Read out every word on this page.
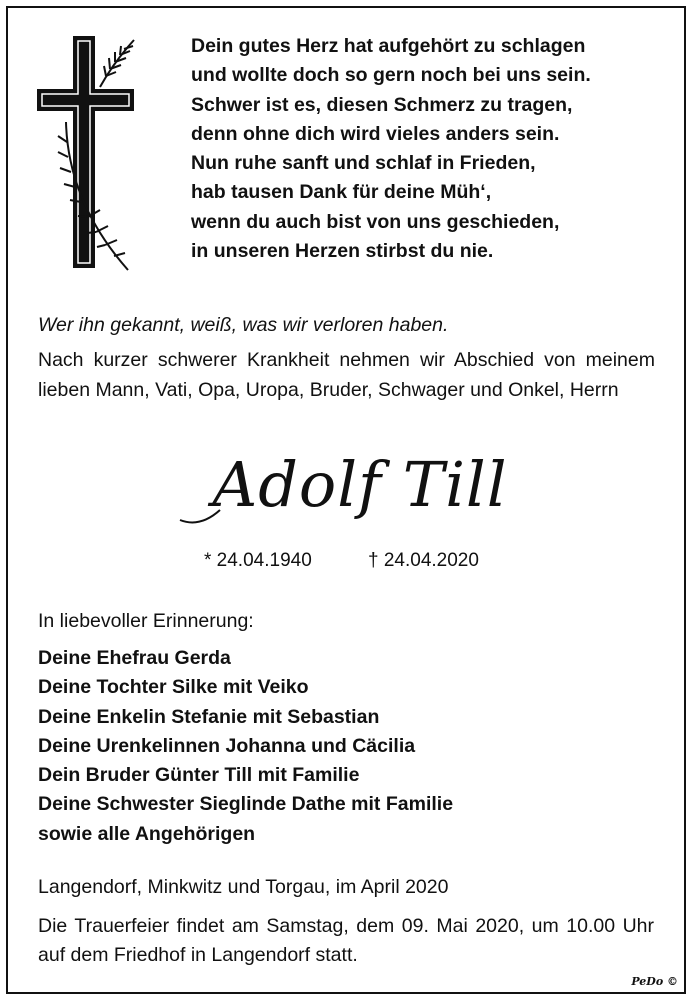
Dein gutes Herz hat aufgehört zu schlagen
und wollte doch so gern noch bei uns sein.
Schwer ist es, diesen Schmerz zu tragen,
denn ohne dich wird vieles anders sein.
Nun ruhe sanft und schlaf in Frieden,
hab tausen Dank für deine Müh‘,
wenn du auch bist von uns geschieden,
in unseren Herzen stirbst du nie.
Wer ihn gekannt, weiß, was wir verloren haben.
Nach kurzer schwerer Krankheit nehmen wir Abschied von meinem lieben Mann, Vati, Opa, Uropa, Bruder, Schwager und Onkel, Herrn
Adolf Till
* 24.04.1940	† 24.04.2020
In liebevoller Erinnerung:
Deine Ehefrau Gerda
Deine Tochter Silke mit Veiko
Deine Enkelin Stefanie mit Sebastian
Deine Urenkelinnen Johanna und Cäcilia
Dein Bruder Günter Till mit Familie
Deine Schwester Sieglinde Dathe mit Familie
sowie alle Angehörigen
Langendorf, Minkwitz und Torgau, im April 2020
Die Trauerfeier findet am Samstag, dem 09. Mai 2020, um 10.00 Uhr auf dem Friedhof in Langendorf statt.
PeDo ©
